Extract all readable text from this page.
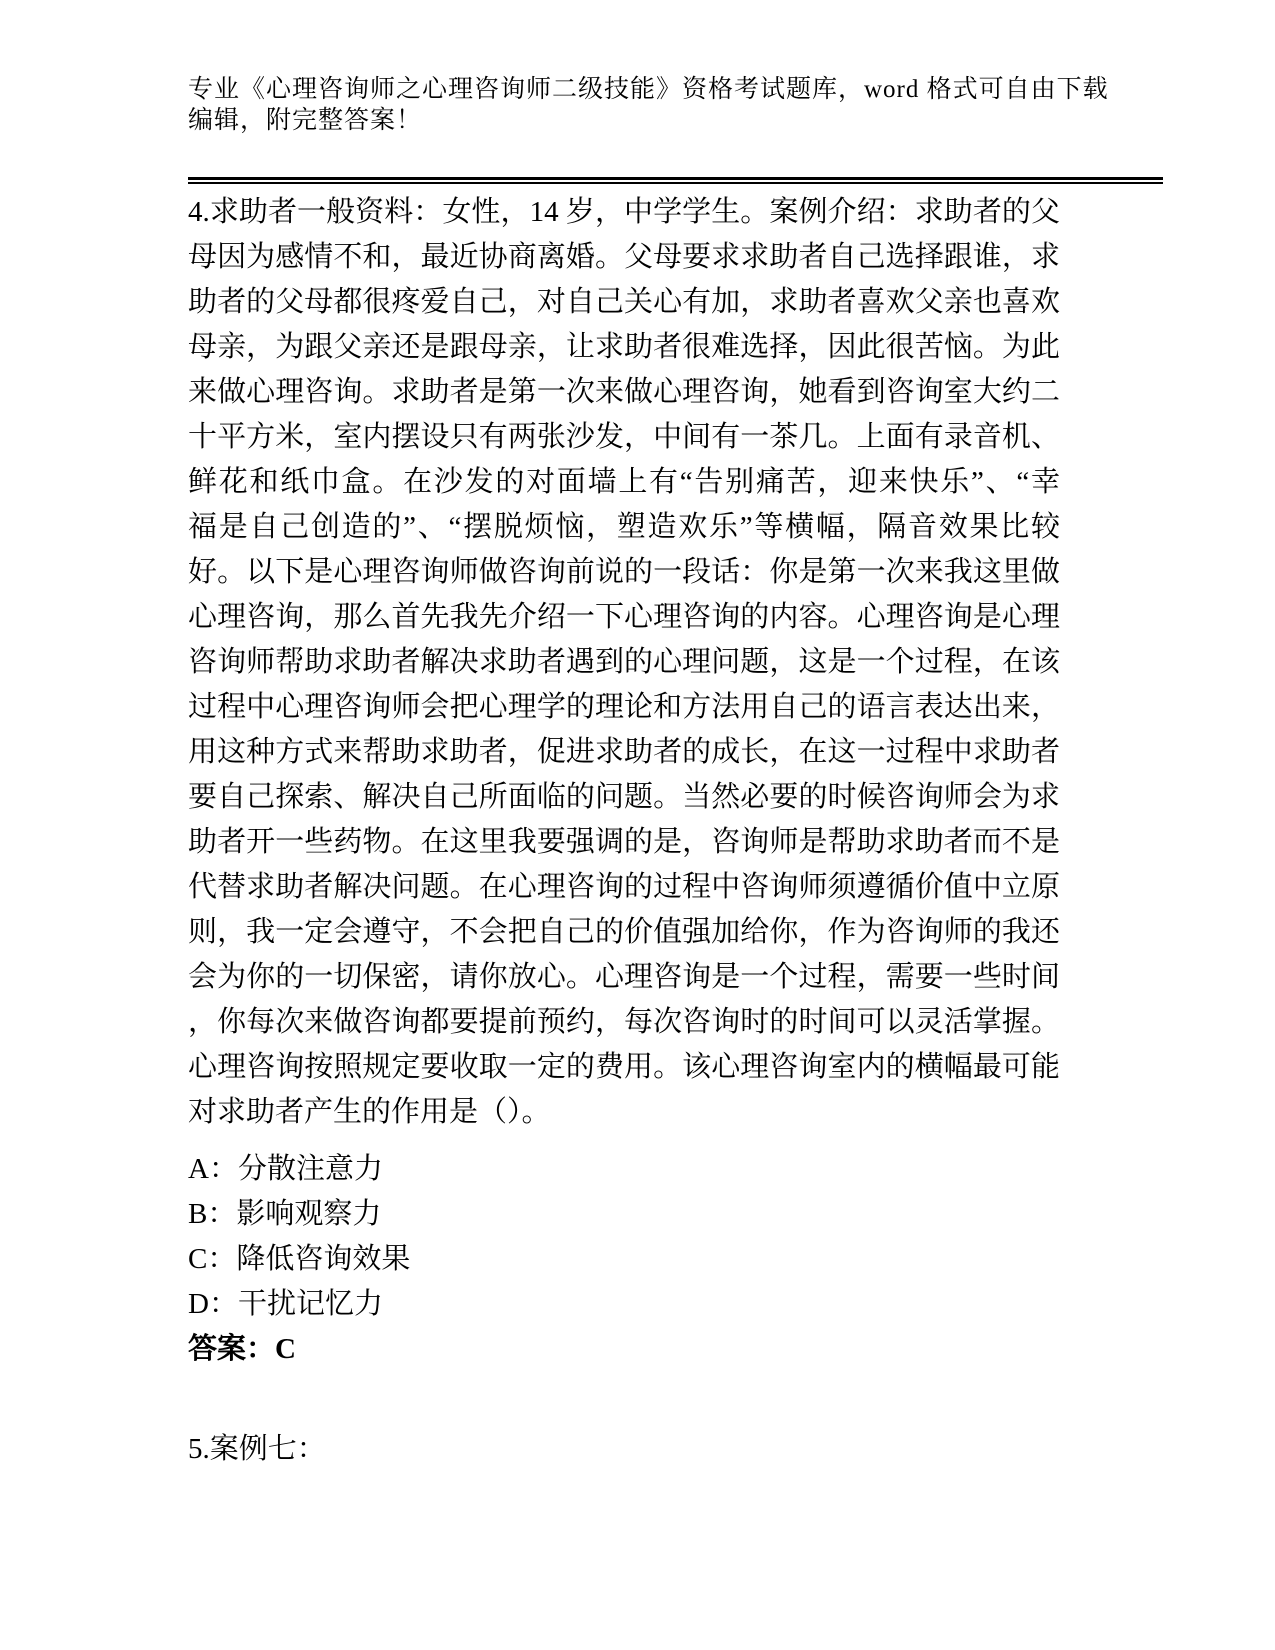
专业《心理咨询师之心理咨询师二级技能》资格考试题库，word 格式可自由下载
编辑，附完整答案！
4.求助者一般资料：女性，14 岁，中学学生。案例介绍：求助者的父
母因为感情不和，最近协商离婚。父母要求求助者自己选择跟谁，求
助者的父母都很疼爱自己，对自己关心有加，求助者喜欢父亲也喜欢
母亲，为跟父亲还是跟母亲，让求助者很难选择，因此很苦恼。为此
来做心理咨询。求助者是第一次来做心理咨询，她看到咨询室大约二
十平方米，室内摆设只有两张沙发，中间有一茶几。上面有录音机、
鲜花和纸巾盒。在沙发的对面墙上有“告别痛苦，迎来快乐”、“幸
福是自己创造的”、“摆脱烦恼，塑造欢乐”等横幅，隔音效果比较
好。以下是心理咨询师做咨询前说的一段话：你是第一次来我这里做
心理咨询，那么首先我先介绍一下心理咨询的内容。心理咨询是心理
咨询师帮助求助者解决求助者遇到的心理问题，这是一个过程，在该
过程中心理咨询师会把心理学的理论和方法用自己的语言表达出来，
用这种方式来帮助求助者，促进求助者的成长，在这一过程中求助者
要自己探索、解决自己所面临的问题。当然必要的时候咨询师会为求
助者开一些药物。在这里我要强调的是，咨询师是帮助求助者而不是
代替求助者解决问题。在心理咨询的过程中咨询师须遵循价值中立原
则，我一定会遵守，不会把自己的价值强加给你，作为咨询师的我还
会为你的一切保密，请你放心。心理咨询是一个过程，需要一些时间
，你每次来做咨询都要提前预约，每次咨询时的时间可以灵活掌握。
心理咨询按照规定要收取一定的费用。该心理咨询室内的横幅最可能
对求助者产生的作用是（）。
A：分散注意力
B：影响观察力
C：降低咨询效果
D：干扰记忆力
答案：C
5.案例七：
